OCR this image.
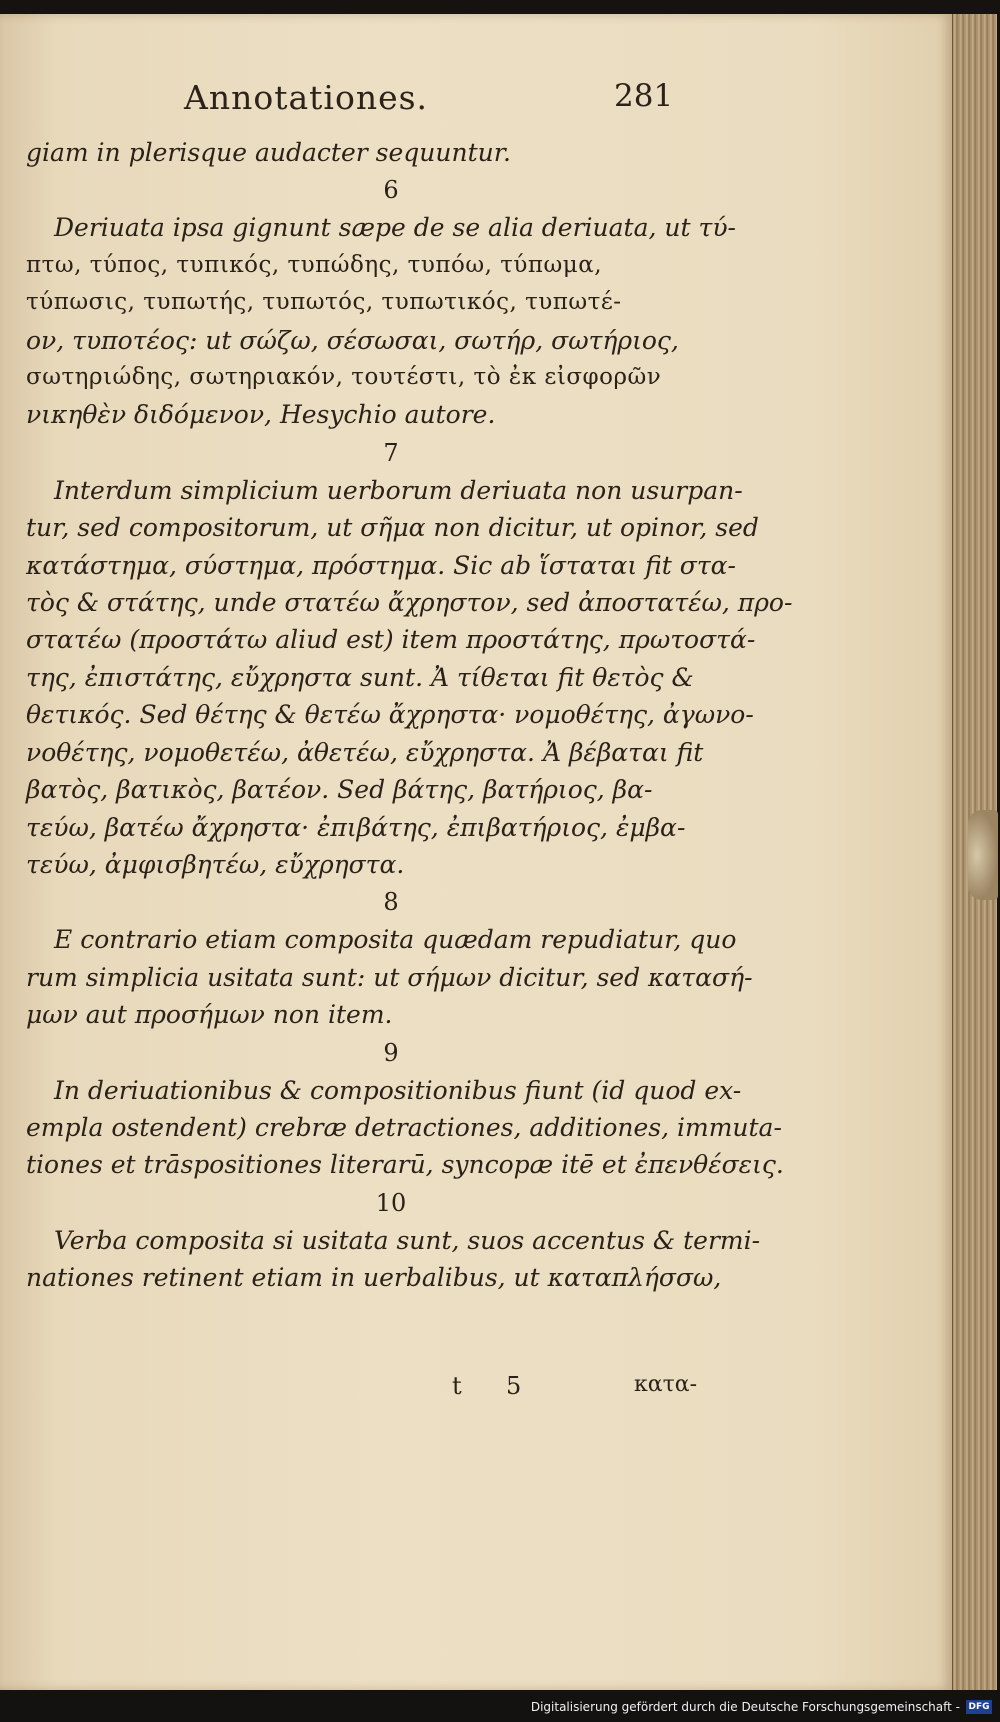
Annotationes.	281
giam in plerisque audacter sequuntur.
6
Deriuata ipsa gignunt sæpe de se alia deriuata, ut τύ-
πτω, τύπος, τυπικός, τυπώδης, τυπόω, τύπωμα,
τύπωσις, τυπωτής, τυπωτός, τυπωτικός, τυπωτέ-
ον, τυποτέος: ut σώζω, σέσωσαι, σωτήρ, σωτήριος,
σωτηριώδης, σωτηριακόν, τουτέστι, τὸ ἐκ εἰσφορῶν
νικηθὲν διδόμενον, Hesychio autore.
7
Interdum simplicium uerborum deriuata non usurpan-
tur, sed compositorum, ut σῆμα non dicitur, ut opinor, sed
κατάστημα, σύστημα, πρόστημα. Sic ab ἵσταται fit στα-
τὸς & στάτης, unde στατέω ἄχρηστον, sed ἀποστατέω, προ-
στατέω (προστάτω aliud est) item προστάτης, πρωτοστά-
της, ἐπιστάτης, εὔχρηστα sunt. Ἀ τίθεται fit θετὸς &
θετικός. Sed θέτης & θετέω ἄχρηστα· νομοθέτης, ἀγωνο-
νοθέτης, νομοθετέω, ἀθετέω, εὔχρηστα. Ἀ βέβαται fit
βατὸς, βατικὸς, βατέον. Sed βάτης, βατήριος, βα-
τεύω, βατέω ἄχρηστα· ἐπιβάτης, ἐπιβατήριος, ἐμβα-
τεύω, ἀμφισβητέω, εὔχρηστα.
8
E contrario etiam composita quædam repudiatur, quo
rum simplicia usitata sunt: ut σήμων dicitur, sed κατασή-
μων aut προσήμων non item.
9
In deriuationibus & compositionibus fiunt (id quod ex-
empla ostendent) crebræ detractiones, additiones, immuta-
tiones et trāspositiones literarū, syncopæ itē et ἐπενθέσεις.
10
Verba composita si usitata sunt, suos accentus & termi-
nationes retinent etiam in uerbalibus, ut καταπλήσσω,
t 5	κατα-
Digitalisierung gefördert durch die Deutsche Forschungsgemeinschaft - DFG
